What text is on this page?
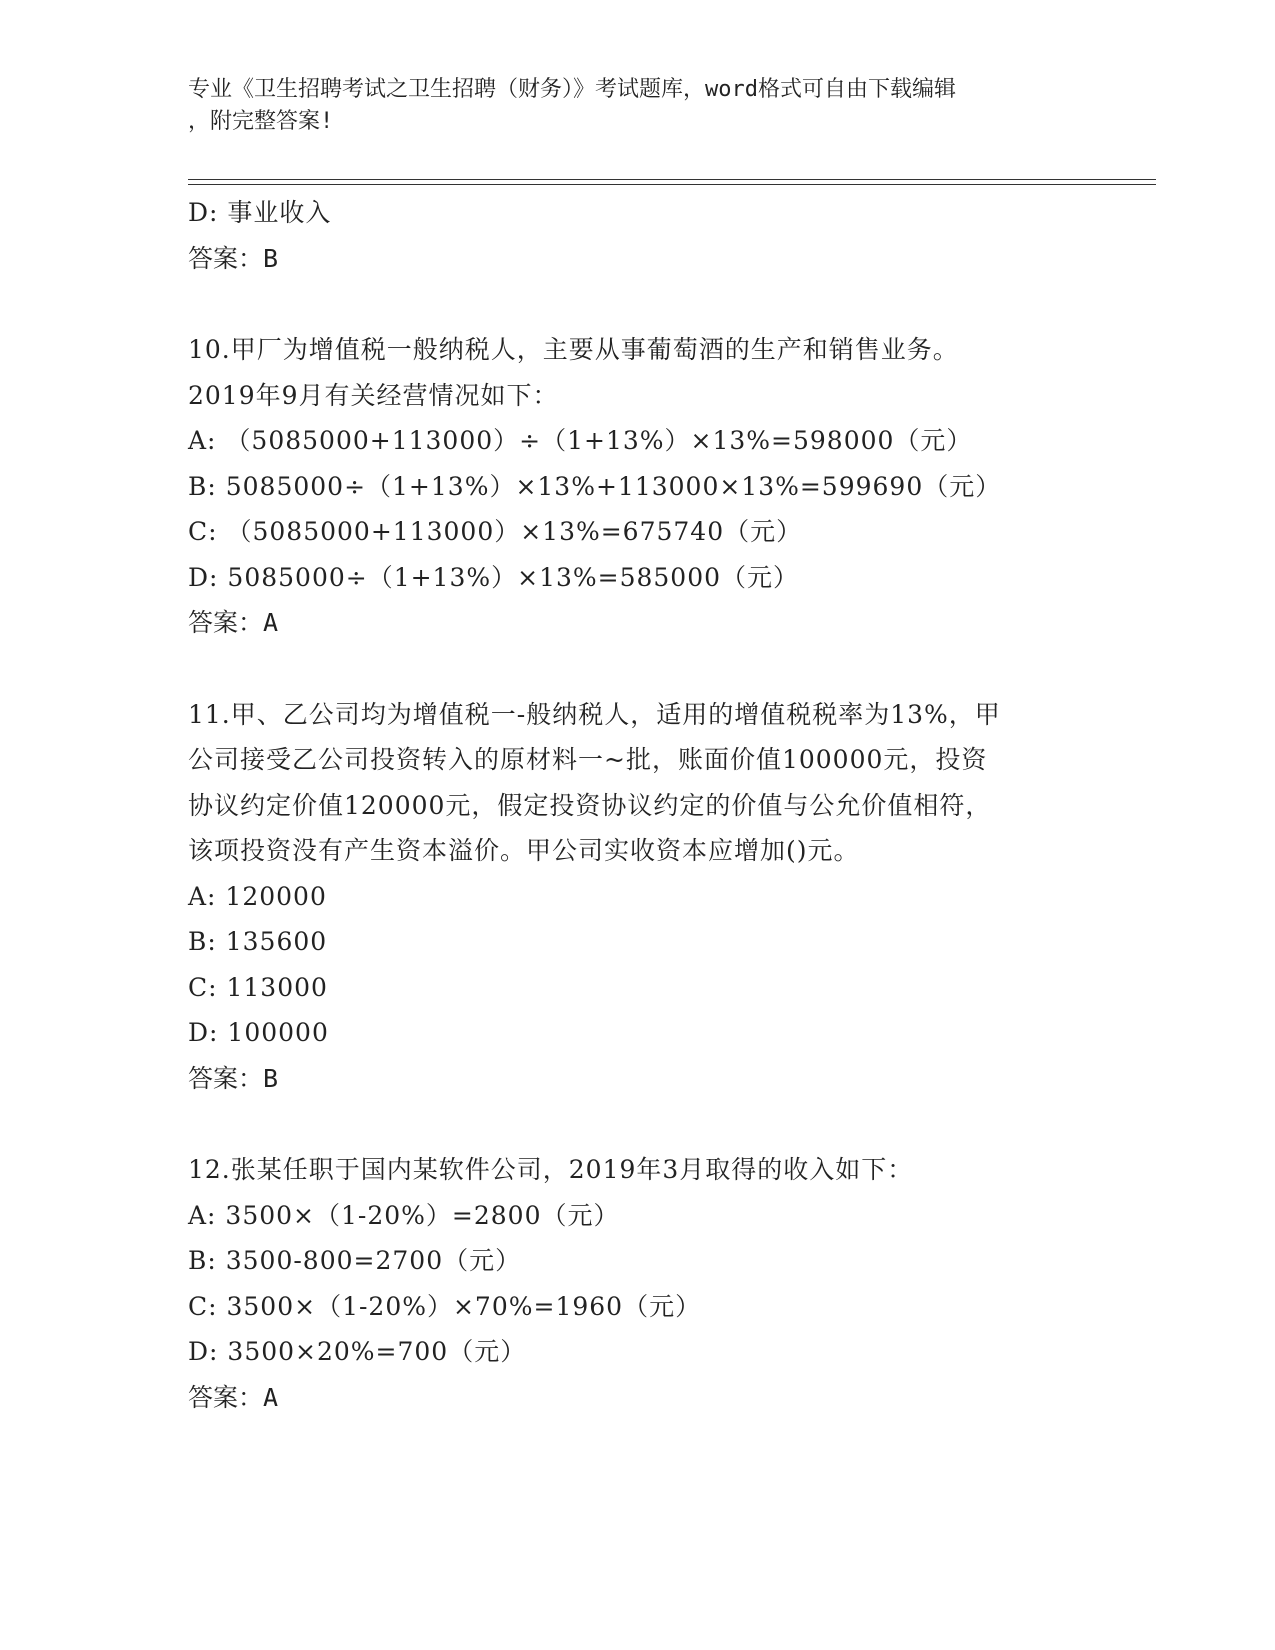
专业《卫生招聘考试之卫生招聘（财务）》考试题库，word格式可自由下载编辑
，附完整答案!
D: 事业收入
答案：B
10.甲厂为增值税一般纳税人，主要从事葡萄酒的生产和销售业务。
2019年9月有关经营情况如下：
A: （5085000+113000）÷（1+13%）×13%=598000（元）
B: 5085000÷（1+13%）×13%+113000×13%=599690（元）
C: （5085000+113000）×13%=675740（元）
D: 5085000÷（1+13%）×13%=585000（元）
答案：A
11.甲、乙公司均为增值税一-般纳税人，适用的增值税税率为13%，甲
公司接受乙公司投资转入的原材料一~批，账面价值100000元，投资
协议约定价值120000元，假定投资协议约定的价值与公允价值相符，
该项投资没有产生资本溢价。甲公司实收资本应增加()元。
A: 120000
B: 135600
C: 113000
D: 100000
答案：B
12.张某任职于国内某软件公司，2019年3月取得的收入如下：
A: 3500×（1-20%）=2800（元）
B: 3500-800=2700（元）
C: 3500×（1-20%）×70%=1960（元）
D: 3500×20%=700（元）
答案：A
